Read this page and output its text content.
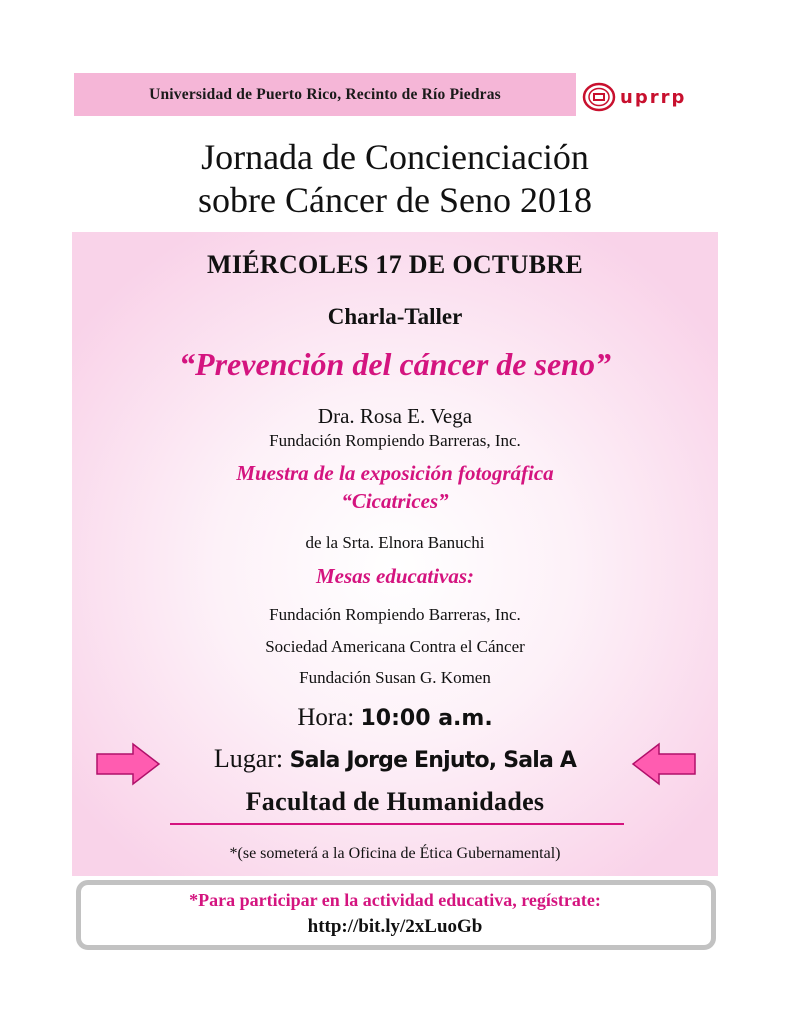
Universidad de Puerto Rico, Recinto de Río Piedras	uprrp
Jornada de Concienciación
sobre Cáncer de Seno 2018
MIÉRCOLES 17 DE OCTUBRE
Charla-Taller
“Prevención del cáncer de seno”
Dra. Rosa E. Vega
Fundación Rompiendo Barreras, Inc.
Muestra de la exposición fotográfica
“Cicatrices”
de la Srta. Elnora Banuchi
Mesas educativas:
Fundación Rompiendo Barreras, Inc.
Sociedad Americana Contra el Cáncer
Fundación Susan G. Komen
Hora: 10:00 a.m.
Lugar: Sala Jorge Enjuto, Sala A
Facultad de Humanidades
*(se someterá a la Oficina de Ética Gubernamental)
*Para participar en la actividad educativa, regístrate:
http://bit.ly/2xLuoGb
